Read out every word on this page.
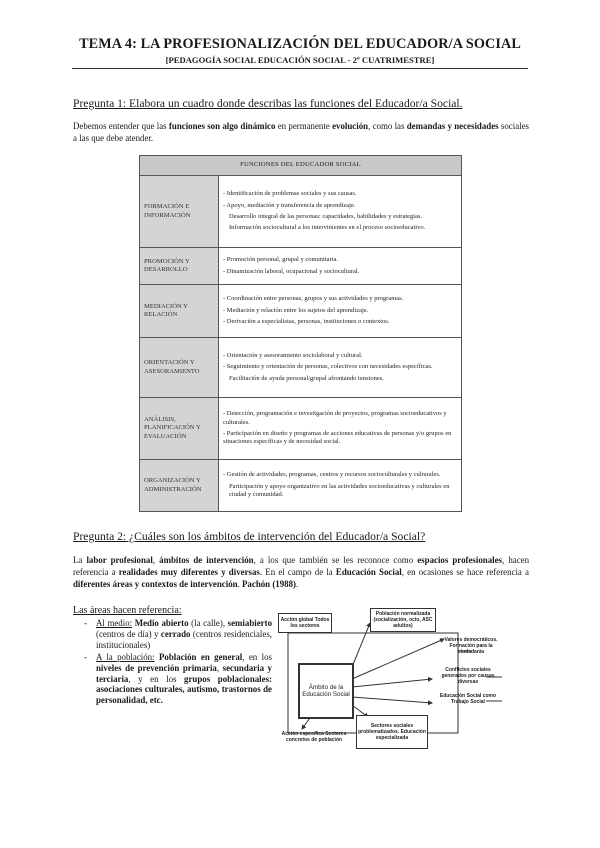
TEMA 4: LA PROFESIONALIZACIÓN DEL EDUCADOR/A SOCIAL
[PEDAGOGÍA SOCIAL EDUCACIÓN SOCIAL - 2º CUATRIMESTRE]
Pregunta 1: Elabora un cuadro donde describas las funciones del Educador/a Social.
Debemos entender que las funciones son algo dinámico en permanente evolución, como las demandas y necesidades sociales a las que debe atender.
FUNCIONES DEL EDUCADOR SOCIAL	
FORMACIÓN E INFORMACIÓN	- Identificación de problemas sociales y sus causas.
- Apoyo, mediación y transferencia de aprendizaje.
Desarrollo integral de las personas: capacidades, habilidades y estrategias.
Información sociocultural a los intervinientes en el proceso socioeducativo.

PROMOCIÓN Y DESARROLLO	- Promoción personal, grupal y comunitaria.
- Dinamización laboral, ocupacional y sociocultural.

MEDIACIÓN Y RELACIÓN	- Coordinación entre personas, grupos y sus actividades y programas.
- Mediación y relación entre los sujetos del aprendizaje.
- Derivación a especialistas, personas, instituciones o contextos.

ORIENTACIÓN Y ASESORAMIENTO	- Orientación y asesoramiento sociolaboral y cultural.
- Seguimiento y orientación de personas, colectivos con necesidades específicas.
Facilitación de ayuda personal/grupal afrontando tensiones.

ANÁLISIS, PLANIFICACIÓN Y EVALUACIÓN	- Detección, programación e investigación de proyectos, programas socioeducativos y culturales.
- Participación en diseño y programas de acciones educativas de personas y/o grupos en situaciones específicas y de necesidad social.

ORGANIZACIÓN Y ADMINISTRACIÓN	- Gestión de actividades, programas, centros y recursos socioculturales y culturales.
Participación y apoyo organizativo en las actividades socioeducativas y culturales en ciudad y comunidad.
Pregunta 2: ¿Cuáles son los ámbitos de intervención del Educador/a Social?
La labor profesional, ámbitos de intervención, a los que también se les reconoce como espacios profesionales, hacen referencia a realidades muy diferentes y diversas. En el campo de la Educación Social, en ocasiones se hace referencia a diferentes áreas y contextos de intervención. Pachón (1988).
Las áreas hacen referencia:
- Al medio: Medio abierto (la calle), semiabierto (centros de día) y cerrado (centros residenciales, institucionales)
- A la población: Población en general, en los niveles de prevención primaria, secundaria y terciaria, y en los grupos poblacionales: asociaciones culturales, autismo, trastornos de personalidad, etc.
Acción global Todos los sectores
Población normalizada (socialización, ocio, ASC adultos)
Valores democráticos. Formación para la ciudadanía
Conflictos sociales generados por causas diversas
Educación Social como Trabajo Social
Ámbito de la Educación Social
Sectores sociales problematizados. Educación especializada
Acción específica Sectores concretos de población
